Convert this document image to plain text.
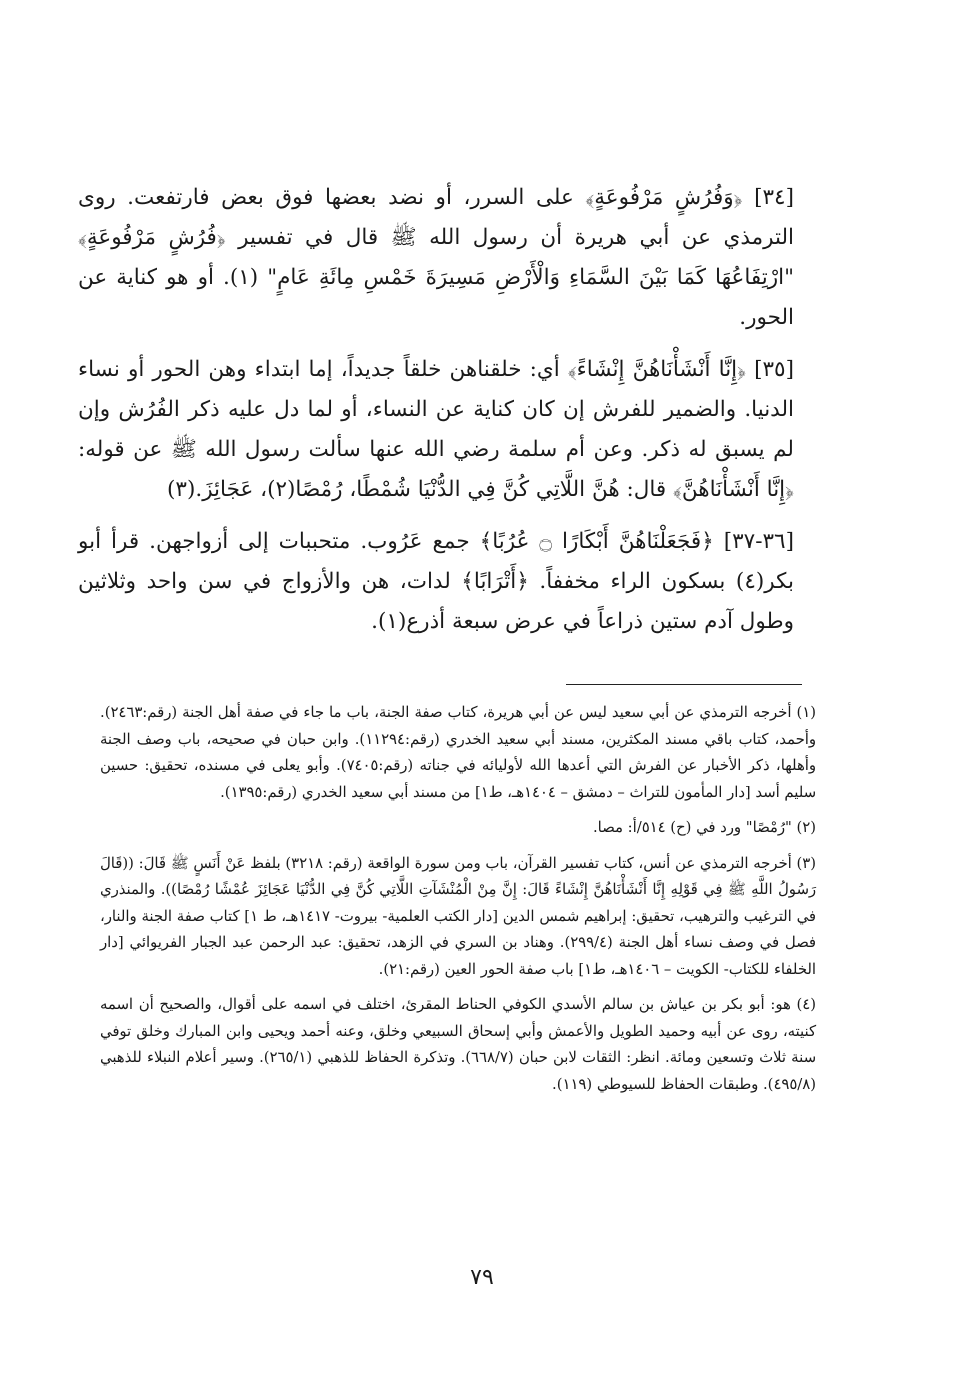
[٣٤] ﴿وَفُرُشٍ مَرْفُوعَةٍ﴾ على السرر، أو نضد بعضها فوق بعض فارتفعت. روى الترمذي عن أبي هريرة أن رسول الله ﷺ قال في تفسير ﴿فُرُشٍ مَرْفُوعَةٍ﴾ "ارْتِفَاعُهَا كَمَا بَيْنَ السَّمَاءِ وَالْأَرْضِ مَسِيرَةَ خَمْسِ مِائَةِ عَامٍ" (١). أو هو كناية عن الحور.

[٣٥] ﴿إِنَّا أَنْشَأْنَاهُنَّ إِنْشَاءً﴾ أي: خلقناهن خلقاً جديداً، إما ابتداء وهن الحور أو نساء الدنيا. والضمير للفرش إن كان كناية عن النساء، أو لما دل عليه ذكر الفُرُش وإن لم يسبق له ذكر. وعن أم سلمة رضي الله عنها سألت رسول الله ﷺ عن قوله: ﴿إِنَّا أَنْشَأْنَاهُنَّ﴾ قال: هُنَّ اللَّاتِي كُنَّ فِي الدُّنْيَا شُمْطًا، رُمْصًا(٢)، عَجَائِزَ.(٣)

[٣٦-٣٧] ﴿فَجَعَلْنَاهُنَّ أَبْكَارًا ۝ عُرُبًا﴾ جمع عَرُوب. متحببات إلى أزواجهن. قرأ أبو بكر(٤) بسكون الراء مخففاً. ﴿أَتْرَابًا﴾ لدات، هن والأزواج في سن واحد وثلاثين وطول آدم ستين ذراعاً في عرض سبعة أذرع(١).

(١) أخرجه الترمذي عن أبي سعيد ليس عن أبي هريرة، كتاب صفة الجنة، باب ما جاء في صفة أهل الجنة (رقم:٢٤٦٣). وأحمد، كتاب باقي مسند المكثرين، مسند أبي سعيد الخدري (رقم:١١٢٩٤). وابن حبان في صحيحه، باب وصف الجنة وأهلها، ذكر الأخبار عن الفرش التي أعدها الله لأوليائه في جناته (رقم:٧٤٠٥). وأبو يعلى في مسنده، تحقيق: حسين سليم أسد [دار المأمون للتراث – دمشق – ١٤٠٤هـ، ط١] من مسند أبي سعيد الخدري (رقم:١٣٩٥).

(٢) "رُمْصًا" ورد في (ح) ٥١٤/أ: مصا.

(٣) أخرجه الترمذي عن أنس، كتاب تفسير القرآن، باب ومن سورة الواقعة (رقم: ٣٢١٨) بلفظ عَنْ أَنَسٍ ﷺ قَالَ: ((قَالَ رَسُولُ اللَّهِ ﷺ فِي قَوْلِهِ إِنَّا أَنْشَأْنَاهُنَّ إِنْشَاءً قَالَ: إِنَّ مِنْ الْمُنْشَآتِ اللَّاتِي كُنَّ فِي الدُّنْيَا عَجَائِزَ عُمْشًا رُمْصًا)). والمنذري في الترغيب والترهيب، تحقيق: إبراهيم شمس الدين [دار الكتب العلمية- بيروت- ١٤١٧هـ، ط ١] كتاب صفة الجنة والنار، فصل في وصف نساء أهل الجنة (٢٩٩/٤). وهناد بن السري في الزهد، تحقيق: عبد الرحمن عبد الجبار الفريوائي [دار الخلفاء للكتاب- الكويت – ١٤٠٦هـ، ط١] باب صفة الحور العين (رقم:٢١).

(٤) هو: أبو بكر بن عياش بن سالم الأسدي الكوفي الحناط المقرئ، اختلف في اسمه على أقوال، والصحيح أن اسمه كنيته، روى عن أبيه وحميد الطويل والأعمش وأبي إسحاق السبيعي وخلق، وعنه أحمد ويحيى وابن المبارك وخلق توفي سنة ثلاث وتسعين ومائة. انظر: الثقات لابن حبان (٦٦٨/٧). وتذكرة الحفاظ للذهبي (٢٦٥/١). وسير أعلام النبلاء للذهبي (٤٩٥/٨). وطبقات الحفاظ للسيوطي (١١٩).

٧٩
